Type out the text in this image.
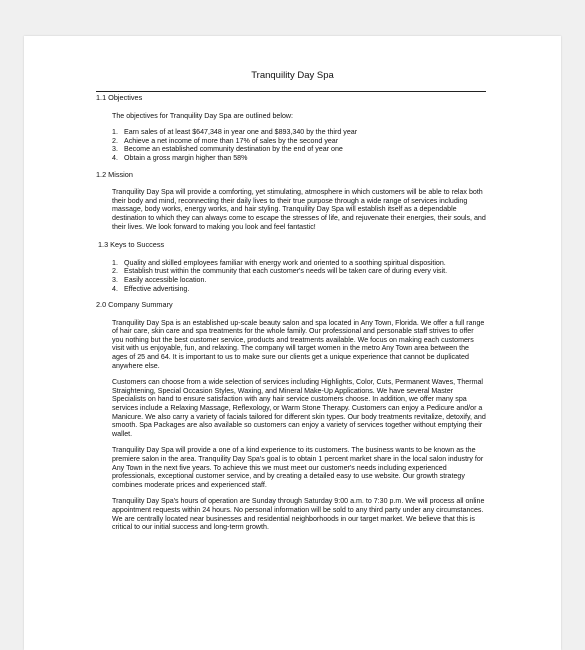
Tranquility Day Spa
1.1 Objectives

The objectives for Tranquility Day Spa are outlined below:

1. Earn sales of at least $647,348 in year one and $893,340 by the third year
2. Achieve a net income of more than 17% of sales by the second year
3. Become an established community destination by the end of year one
4. Obtain a gross margin higher than 58%
1.2 Mission

Tranquility Day Spa will provide a comforting, yet stimulating, atmosphere in which customers will be able to relax both their body and mind, reconnecting their daily lives to their true purpose through a wide range of services including massage, body works, energy works, and hair styling. Tranquility Day Spa will establish itself as a dependable destination to which they can always come to escape the stresses of life, and rejuvenate their energies, their souls, and their lives. We look forward to making you look and feel fantastic!

1.3 Keys to Success
1. Quality and skilled employees familiar with energy work and oriented to a soothing spiritual disposition.
2. Establish trust within the community that each customer's needs will be taken care of during every visit.
3. Easily accessible location.
4. Effective advertising.
2.0 Company Summary

Tranquility Day Spa is an established up-scale beauty salon and spa located in Any Town, Florida. We offer a full range of hair care, skin care and spa treatments for the whole family. Our professional and personable staff strives to offer you nothing but the best customer service, products and treatments available. We focus on making each customers visit with us enjoyable, fun, and relaxing. The company will target women in the metro Any Town area between the ages of 25 and 64. It is important to us to make sure our clients get a unique experience that cannot be duplicated anywhere else.

Customers can choose from a wide selection of services including Highlights, Color, Cuts, Permanent Waves, Thermal Straightening, Special Occasion Styles, Waxing, and Mineral Make-Up Applications. We have several Master Specialists on hand to ensure satisfaction with any hair service customers choose. In addition, we offer many spa services include a Relaxing Massage, Reflexology, or Warm Stone Therapy. Customers can enjoy a Pedicure and/or a Manicure. We also carry a variety of facials tailored for different skin types. Our body treatments revitalize, detoxify, and smooth. Spa Packages are also available so customers can enjoy a variety of services together without emptying their wallet.

Tranquility Day Spa will provide a one of a kind experience to its customers. The business wants to be known as the premiere salon in the area. Tranquility Day Spa's goal is to obtain 1 percent market share in the local salon industry for Any Town in the next five years. To achieve this we must meet our customer's needs including experienced professionals, exceptional customer service, and by creating a detailed easy to use website. Our growth strategy combines moderate prices and experienced staff.

Tranquility Day Spa's hours of operation are Sunday through Saturday 9:00 a.m. to 7:30 p.m. We will process all online appointment requests within 24 hours. No personal information will be sold to any third party under any circumstances. We are centrally located near businesses and residential neighborhoods in our target market. We believe that this is critical to our initial success and long-term growth.
